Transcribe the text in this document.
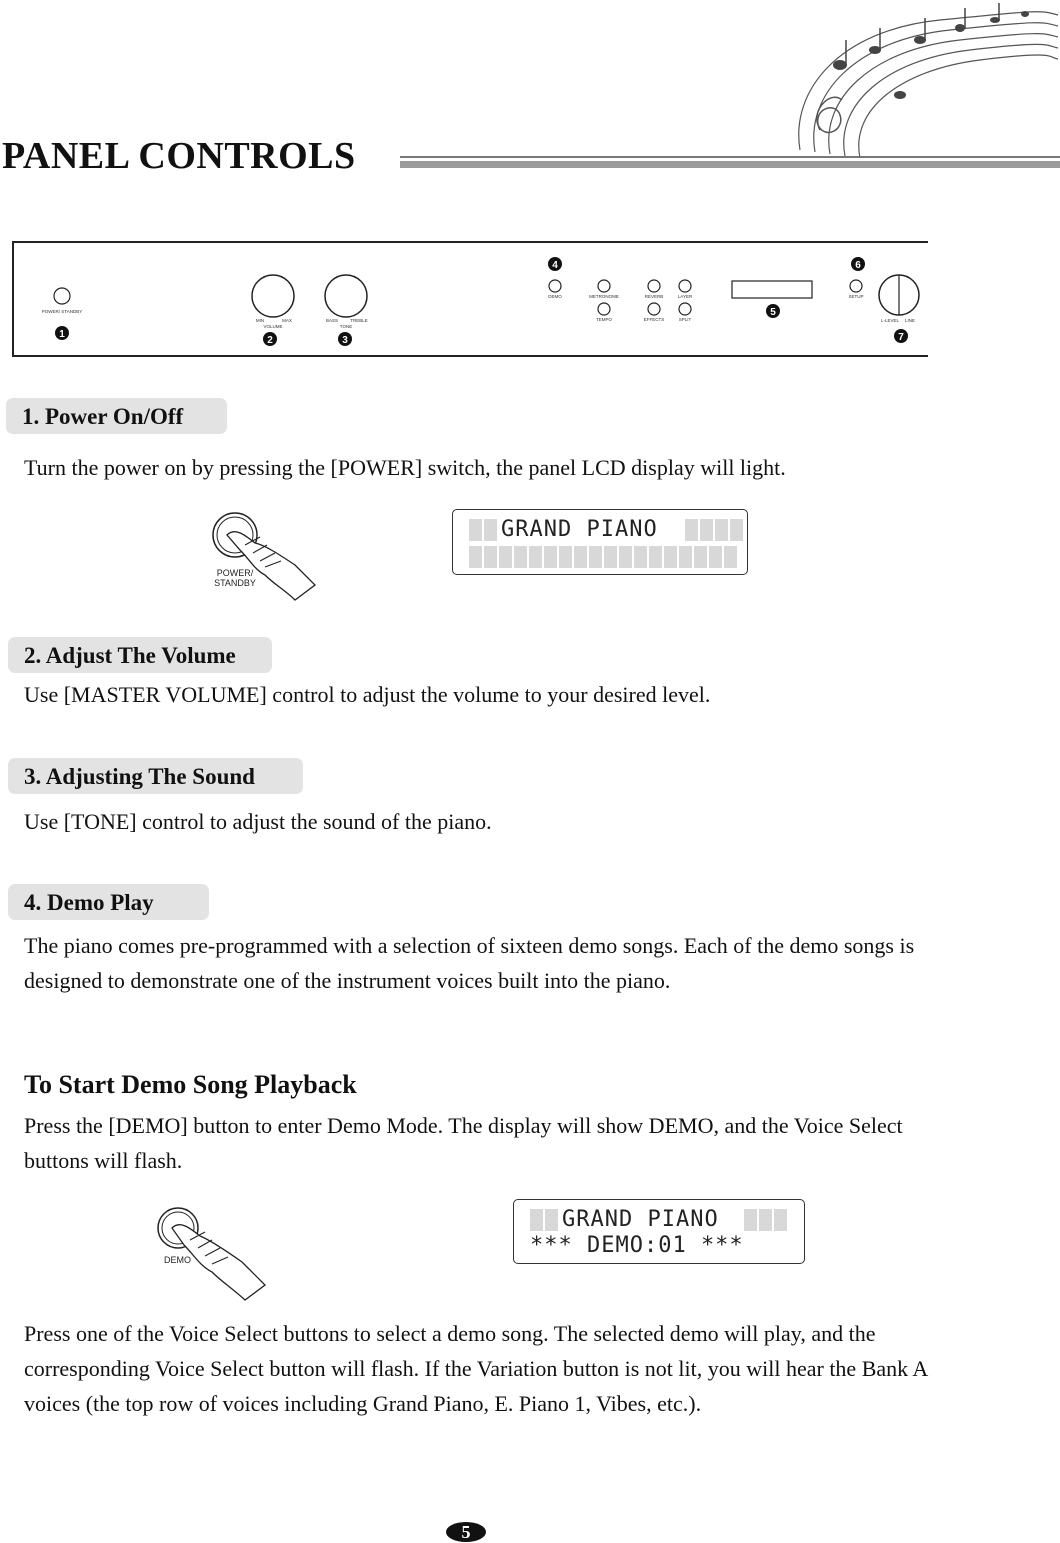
PANEL CONTROLS
1
2	3
4
5
6
7
POWER/ STANDBY
MIN	MAX
VOLUME
BASS	TREBLE
TONE
DEMO	METRONOME
TEMPO
REVERB
EFFECTS
LAYER
SPLIT
SETUP
L-LEVEL LINE
1. Power On/Off

Turn the power on by pressing the [POWER] switch, the panel LCD display will light.

POWER/ STANDBY
GRAND PIANO
2. Adjust The Volume

Use [MASTER VOLUME] control to adjust the volume to your desired level.

3. Adjusting The Sound

Use [TONE] control to adjust the sound of the piano.

4. Demo Play

The piano comes pre-programmed with a selection of sixteen demo songs. Each of the demo songs is designed to demonstrate one of the instrument voices built into the piano.

To Start Demo Song Playback

Press the [DEMO] button to enter Demo Mode. The display will show DEMO, and the Voice Select buttons will flash.

DEMO
GRAND PIANO
*** DEMO:01 ***

Press one of the Voice Select buttons to select a demo song. The selected demo will play, and the corresponding Voice Select button will flash. If the Variation button is not lit, you will hear the Bank A voices (the top row of voices including Grand Piano, E. Piano 1, Vibes, etc.).

5
